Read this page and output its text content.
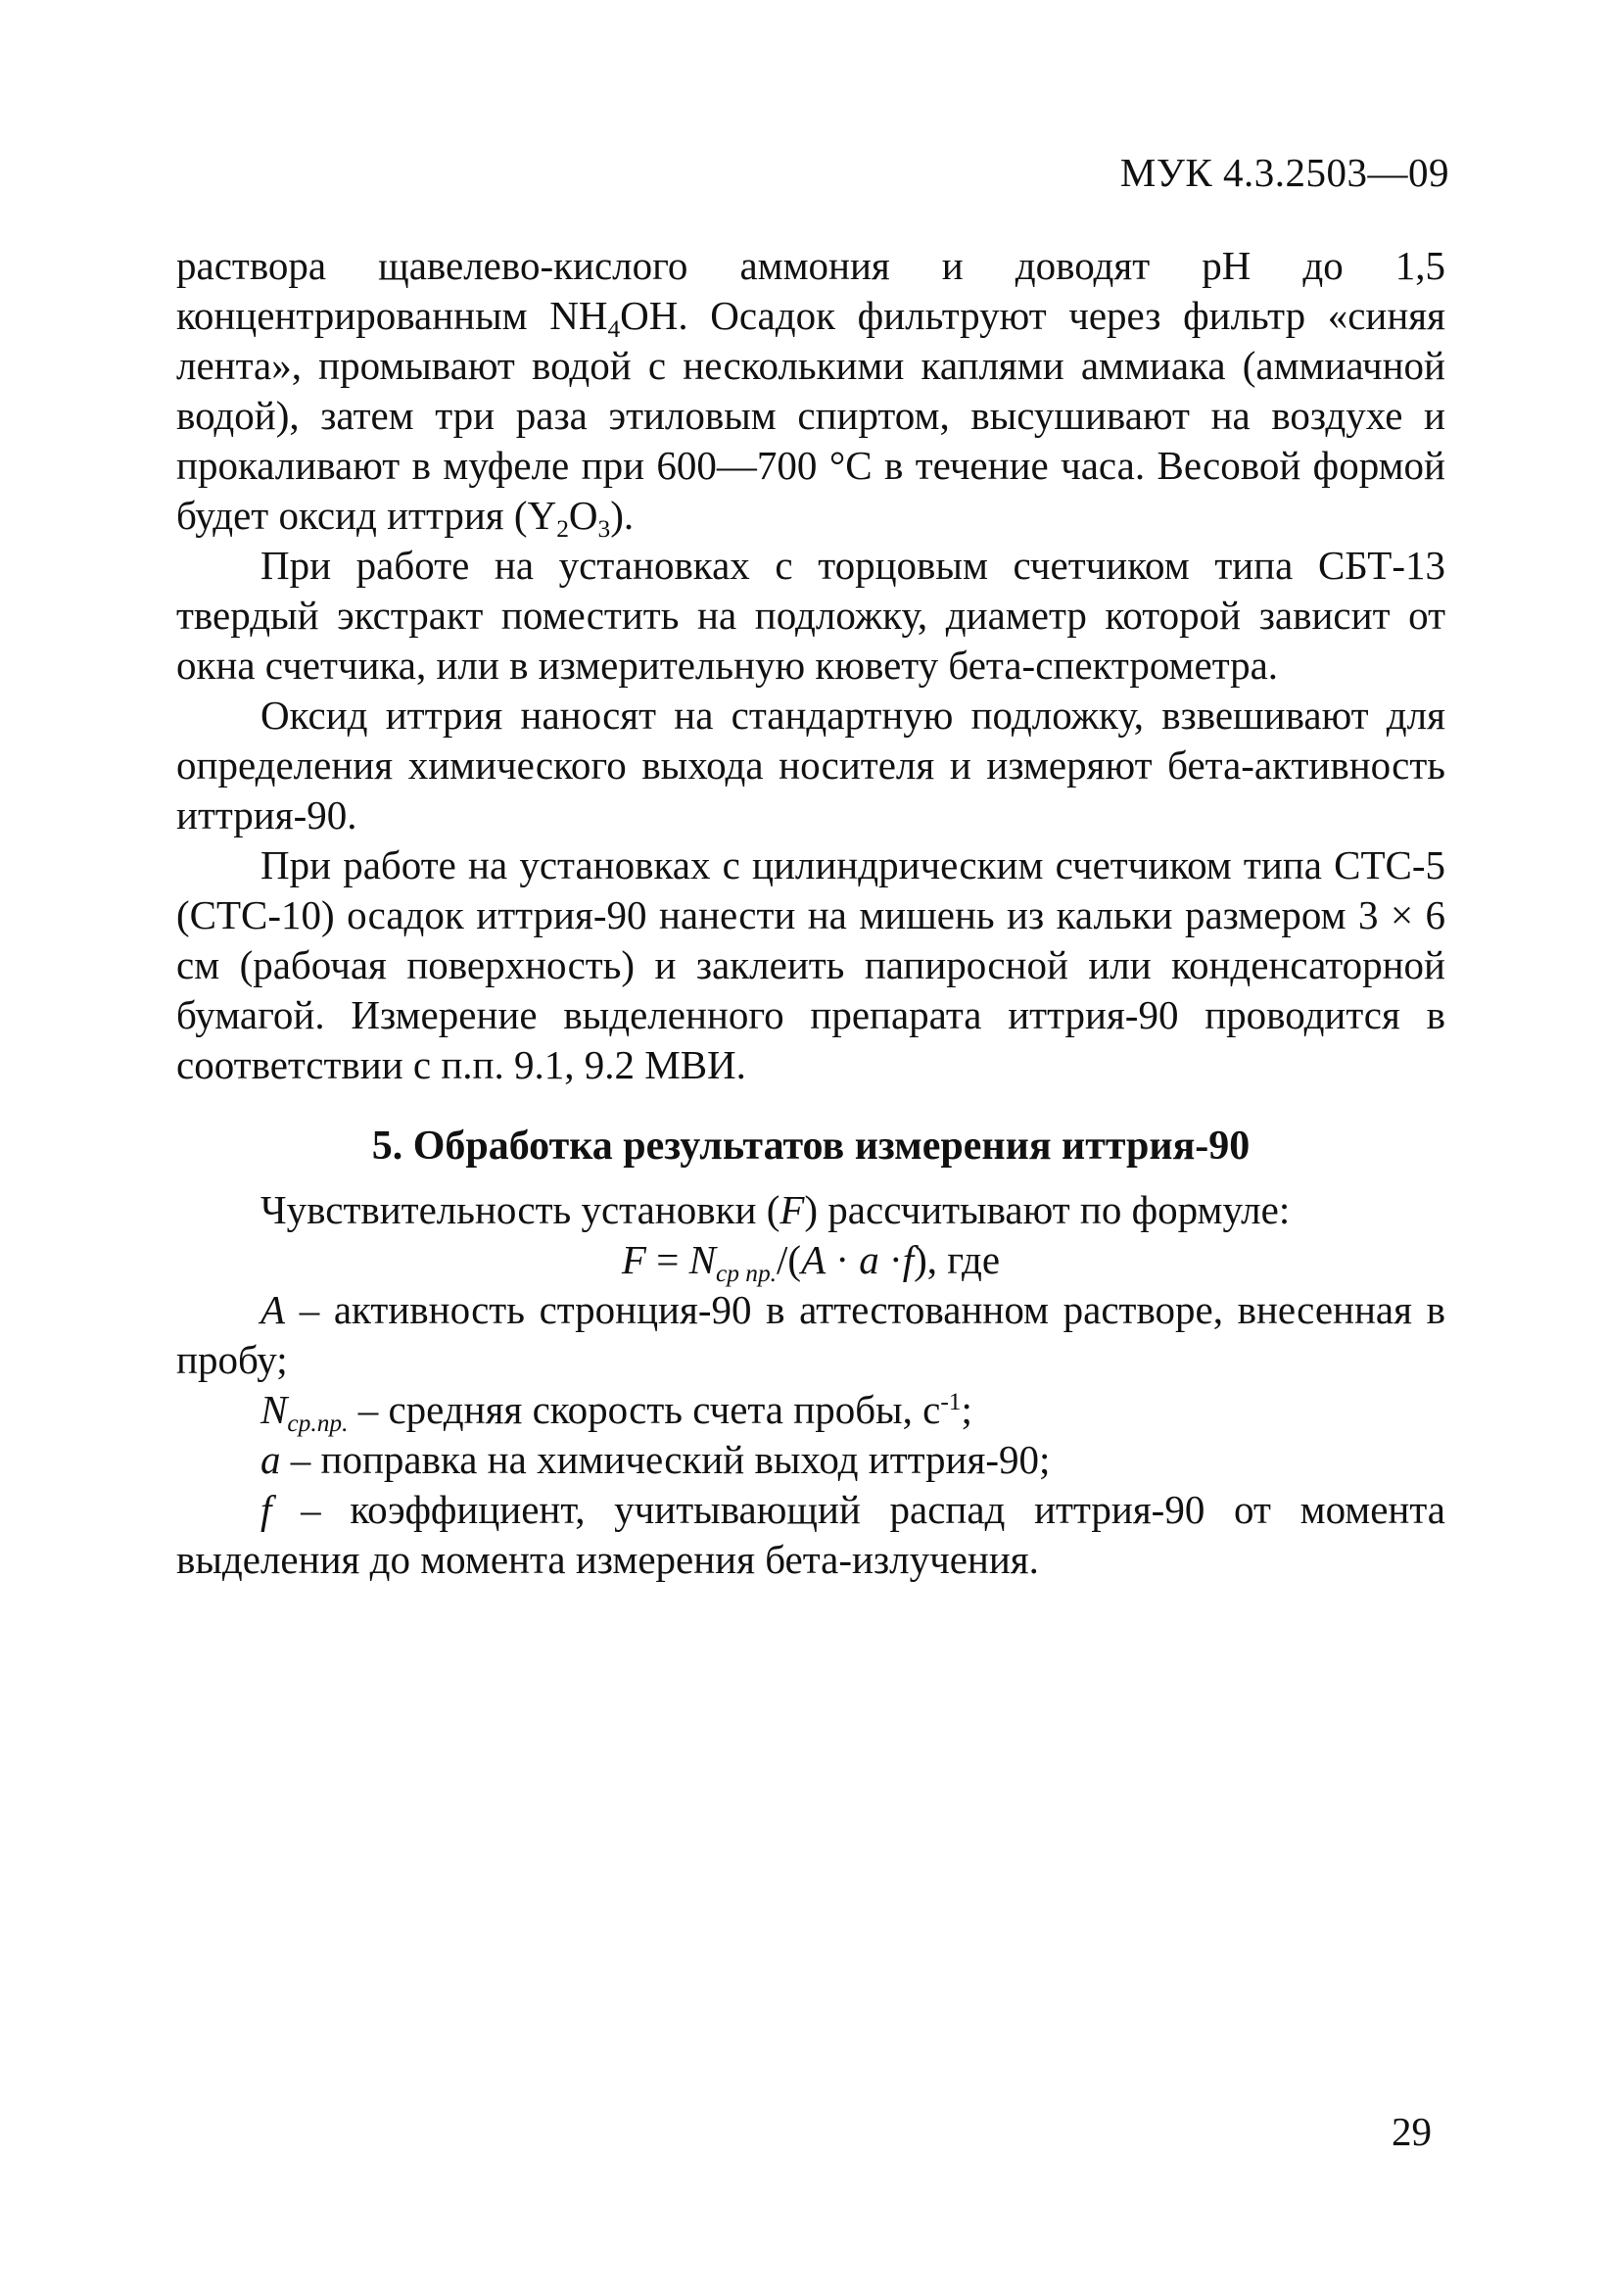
МУК 4.3.2503—09

раствора щавелево-кислого аммония и доводят pH до 1,5 концентрированным $NH_4OH$. Осадок фильтруют через фильтр «синяя лента», промывают водой с несколькими каплями аммиака (аммиачной водой), затем три раза этиловым спиртом, высушивают на воздухе и прокаливают в муфеле при 600—700 °С в течение часа. Весовой формой будет оксид иттрия $(Y_2O_3)$.

При работе на установках с торцовым счетчиком типа СБТ-13 твердый экстракт поместить на подложку, диаметр которой зависит от окна счетчика, или в измерительную кювету бета-спектрометра.

Оксид иттрия наносят на стандартную подложку, взвешивают для определения химического выхода носителя и измеряют бета-активность иттрия-90.

При работе на установках с цилиндрическим счетчиком типа СТС-5 (СТС-10) осадок иттрия-90 нанести на мишень из кальки размером 3 × 6 см (рабочая поверхность) и заклеить папиросной или конденсаторной бумагой. Измерение выделенного препарата иттрия-90 проводится в соответствии с п.п. 9.1, 9.2 МВИ.

5. Обработка результатов измерения иттрия-90

Чувствительность установки (F) рассчитывают по формуле:

$F = N_{ср пр.}/(A \cdot a \cdot f)$, где

A – активность стронция-90 в аттестованном растворе, внесенная в пробу;

$N_{ср.пр.}$ – средняя скорость счета пробы, $с^{-1}$;

a – поправка на химический выход иттрия-90;

f – коэффициент, учитывающий распад иттрия-90 от момента выделения до момента измерения бета-излучения.

29
